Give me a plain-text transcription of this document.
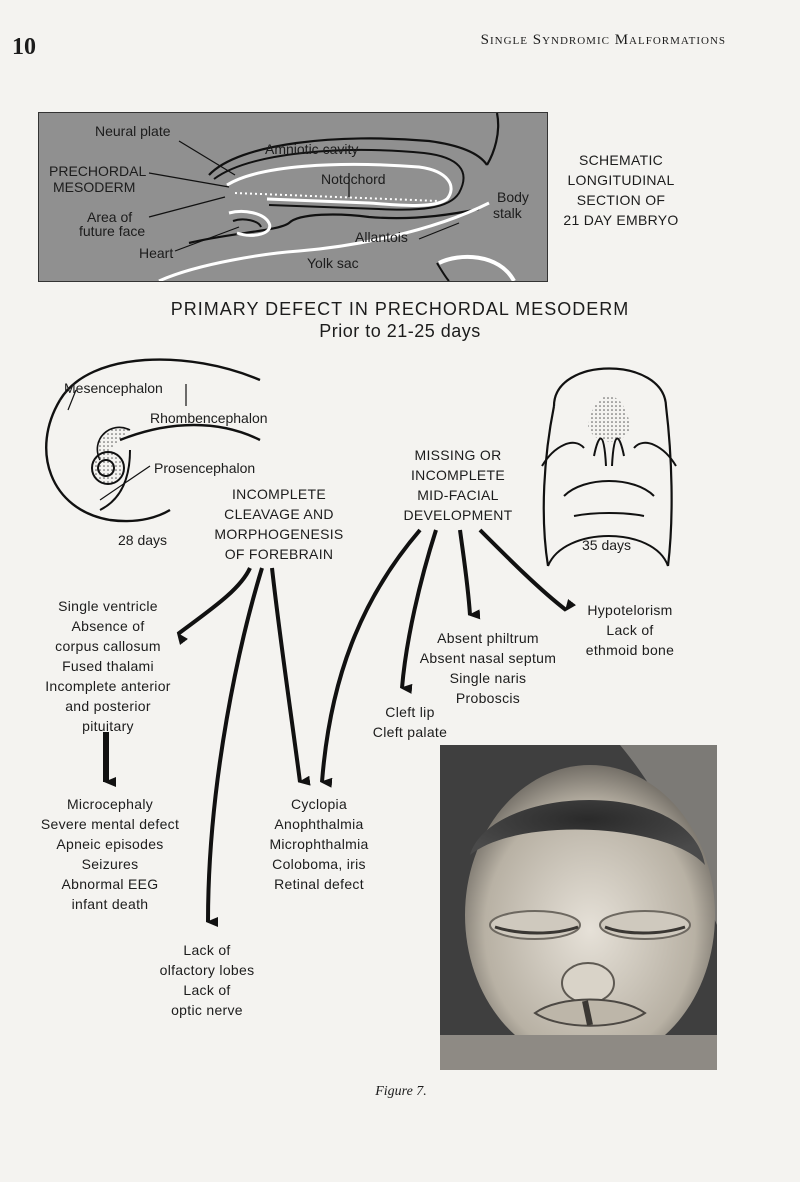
10	Single Syndromic Malformations
Neural plate
PRECHORDAL
MESODERM
Area of
future face
Heart
Amniotic cavity
Notochord
Allantois
Yolk sac
Body
stalk
SCHEMATIC
LONGITUDINAL
SECTION OF
21 DAY EMBRYO
PRIMARY DEFECT IN PRECHORDAL MESODERM
Prior to 21-25 days
Mesencephalon
Rhombencephalon
Prosencephalon
28 days	35 days
INCOMPLETE
CLEAVAGE AND
MORPHOGENESIS
OF FOREBRAIN
MISSING OR
INCOMPLETE
MID-FACIAL
DEVELOPMENT
Single ventricle
Absence of
corpus callosum
Fused thalami
Incomplete anterior
and posterior
pituitary
Microcephaly
Severe mental defect
Apneic episodes
Seizures
Abnormal EEG
infant death
Lack of
olfactory lobes
Lack of
optic nerve
Cyclopia
Anophthalmia
Microphthalmia
Coloboma, iris
Retinal defect
Absent philtrum
Absent nasal septum
Single naris
Proboscis
Cleft lip
Cleft palate
Hypotelorism
Lack of
ethmoid bone
Figure 7.
